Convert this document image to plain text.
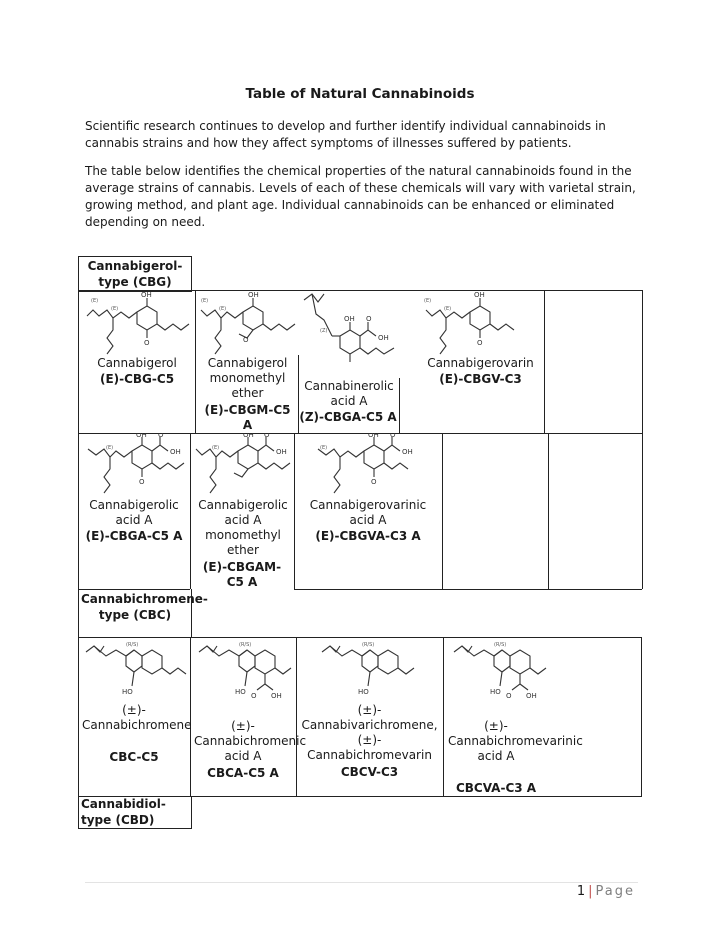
Table of Natural Cannabinoids
Scientific research continues to develop and further identify individual cannabinoids in cannabis strains and how they affect symptoms of illnesses suffered by patients.
The table below identifies the chemical properties of the natural cannabinoids found in the average strains of cannabis. Levels of each of these chemicals will vary with varietal strain, growing method, and plant age. Individual cannabinoids can be enhanced or eliminated depending on need.
Cannabigerol-type (CBG)
OH
O
(E)
(E)
OH
O
(E)
(E)
OH O
OH
(Z)
OH
O
(E)
(E)
Cannabigerol
(E)-CBG-C5
Cannabigerol monomethyl ether
(E)-CBGM-C5 A
Cannabinerolic acid A
(Z)-CBGA-C5 A
Cannabigerovarin
(E)-CBGV-C3
OH O
OH
O
(E)
OH O
OH
(E)
OH O
OH
O
(E)
Cannabigerolic acid A
(E)-CBGA-C5 A
Cannabigerolic acid A monomethyl ether
(E)-CBGAM-C5 A
Cannabigerovarinic acid A
(E)-CBGVA-C3 A
Cannabichromene-type (CBC)
HO
(R/S)
HO O OH
(R/S)
HO
(R/S)
HO O OH
(R/S)
(±)-Cannabichromene
CBC-C5
(±)-Cannabichromenic acid A
CBCA-C5 A
(±)-Cannabivarichromene, (±)-Cannabichromevarin
CBCV-C3
(±)-Cannabichromevarinic acid A
CBCVA-C3 A
Cannabidiol-type (CBD)
1 | Page
